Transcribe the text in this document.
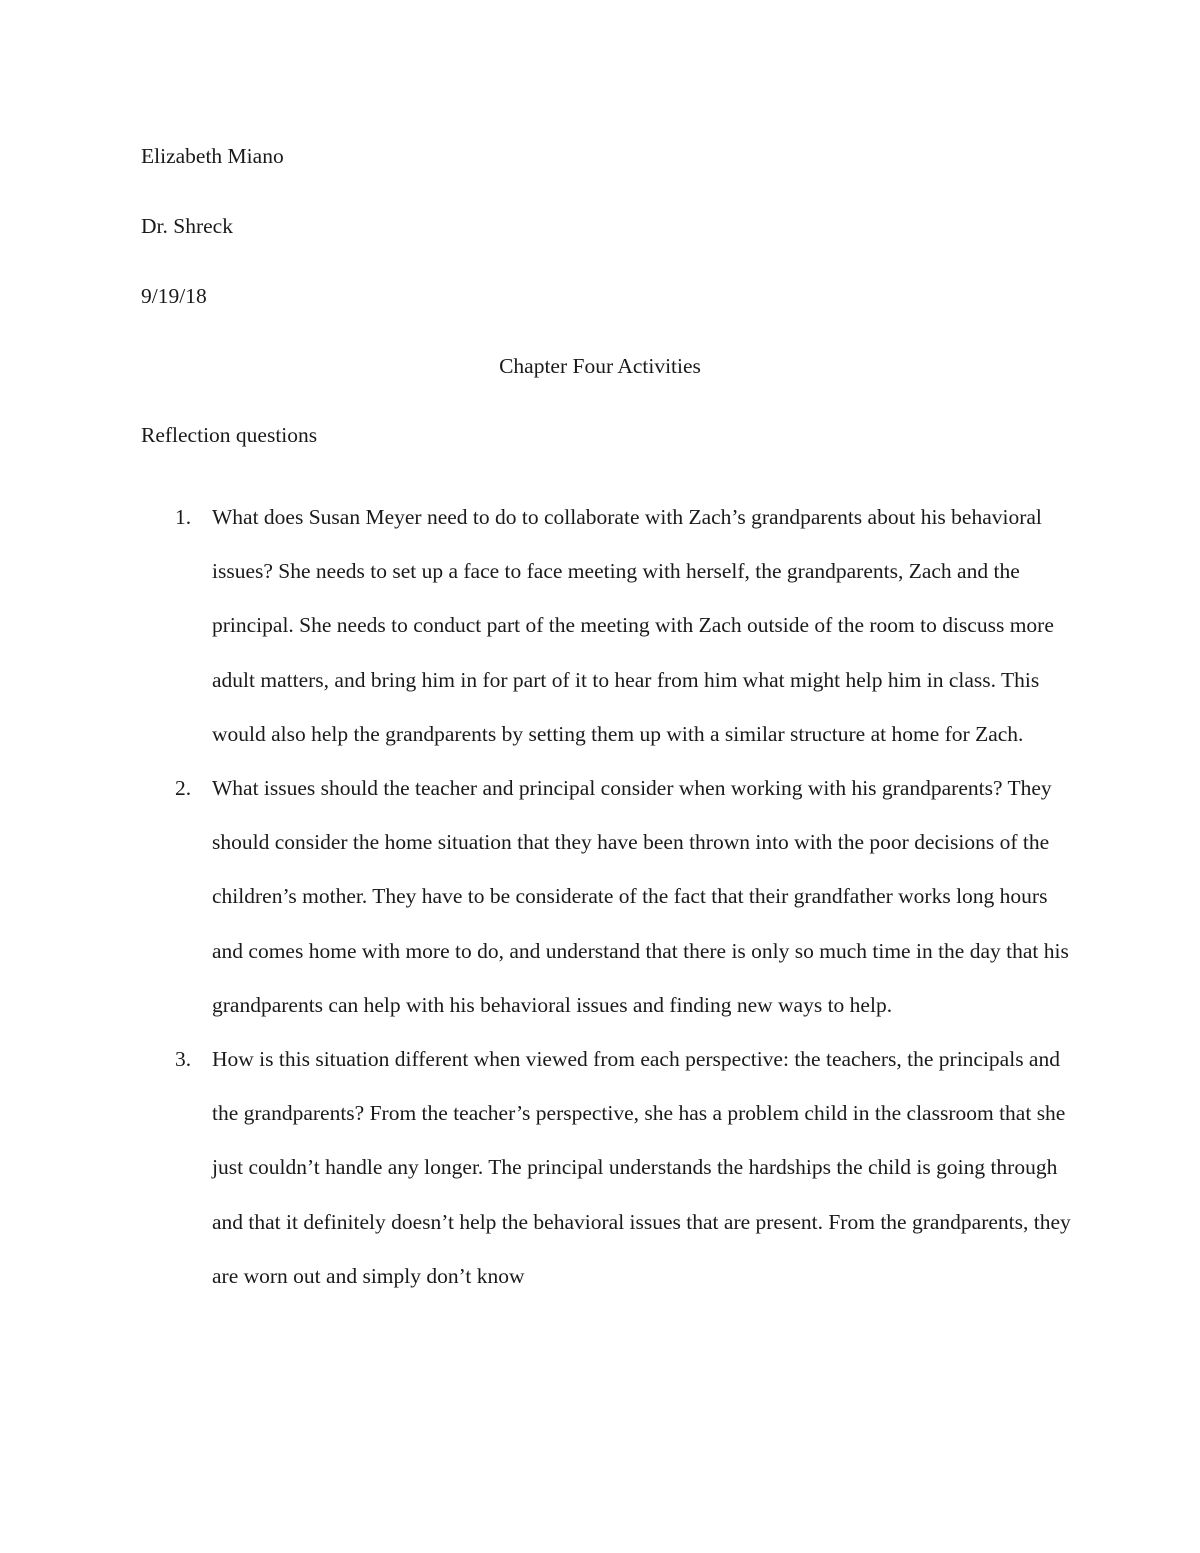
Elizabeth Miano
Dr. Shreck
9/19/18
Chapter Four Activities
Reflection questions
1. What does Susan Meyer need to do to collaborate with Zach’s grandparents about his behavioral issues? She needs to set up a face to face meeting with herself, the grandparents, Zach and the principal. She needs to conduct part of the meeting with Zach outside of the room to discuss more adult matters, and bring him in for part of it to hear from him what might help him in class. This would also help the grandparents by setting them up with a similar structure at home for Zach.
2. What issues should the teacher and principal consider when working with his grandparents? They should consider the home situation that they have been thrown into with the poor decisions of the children’s mother. They have to be considerate of the fact that their grandfather works long hours and comes home with more to do, and understand that there is only so much time in the day that his grandparents can help with his behavioral issues and finding new ways to help.
3. How is this situation different when viewed from each perspective: the teachers, the principals and the grandparents? From the teacher’s perspective, she has a problem child in the classroom that she just couldn’t handle any longer. The principal understands the hardships the child is going through and that it definitely doesn’t help the behavioral issues that are present. From the grandparents, they are worn out and simply don’t know
